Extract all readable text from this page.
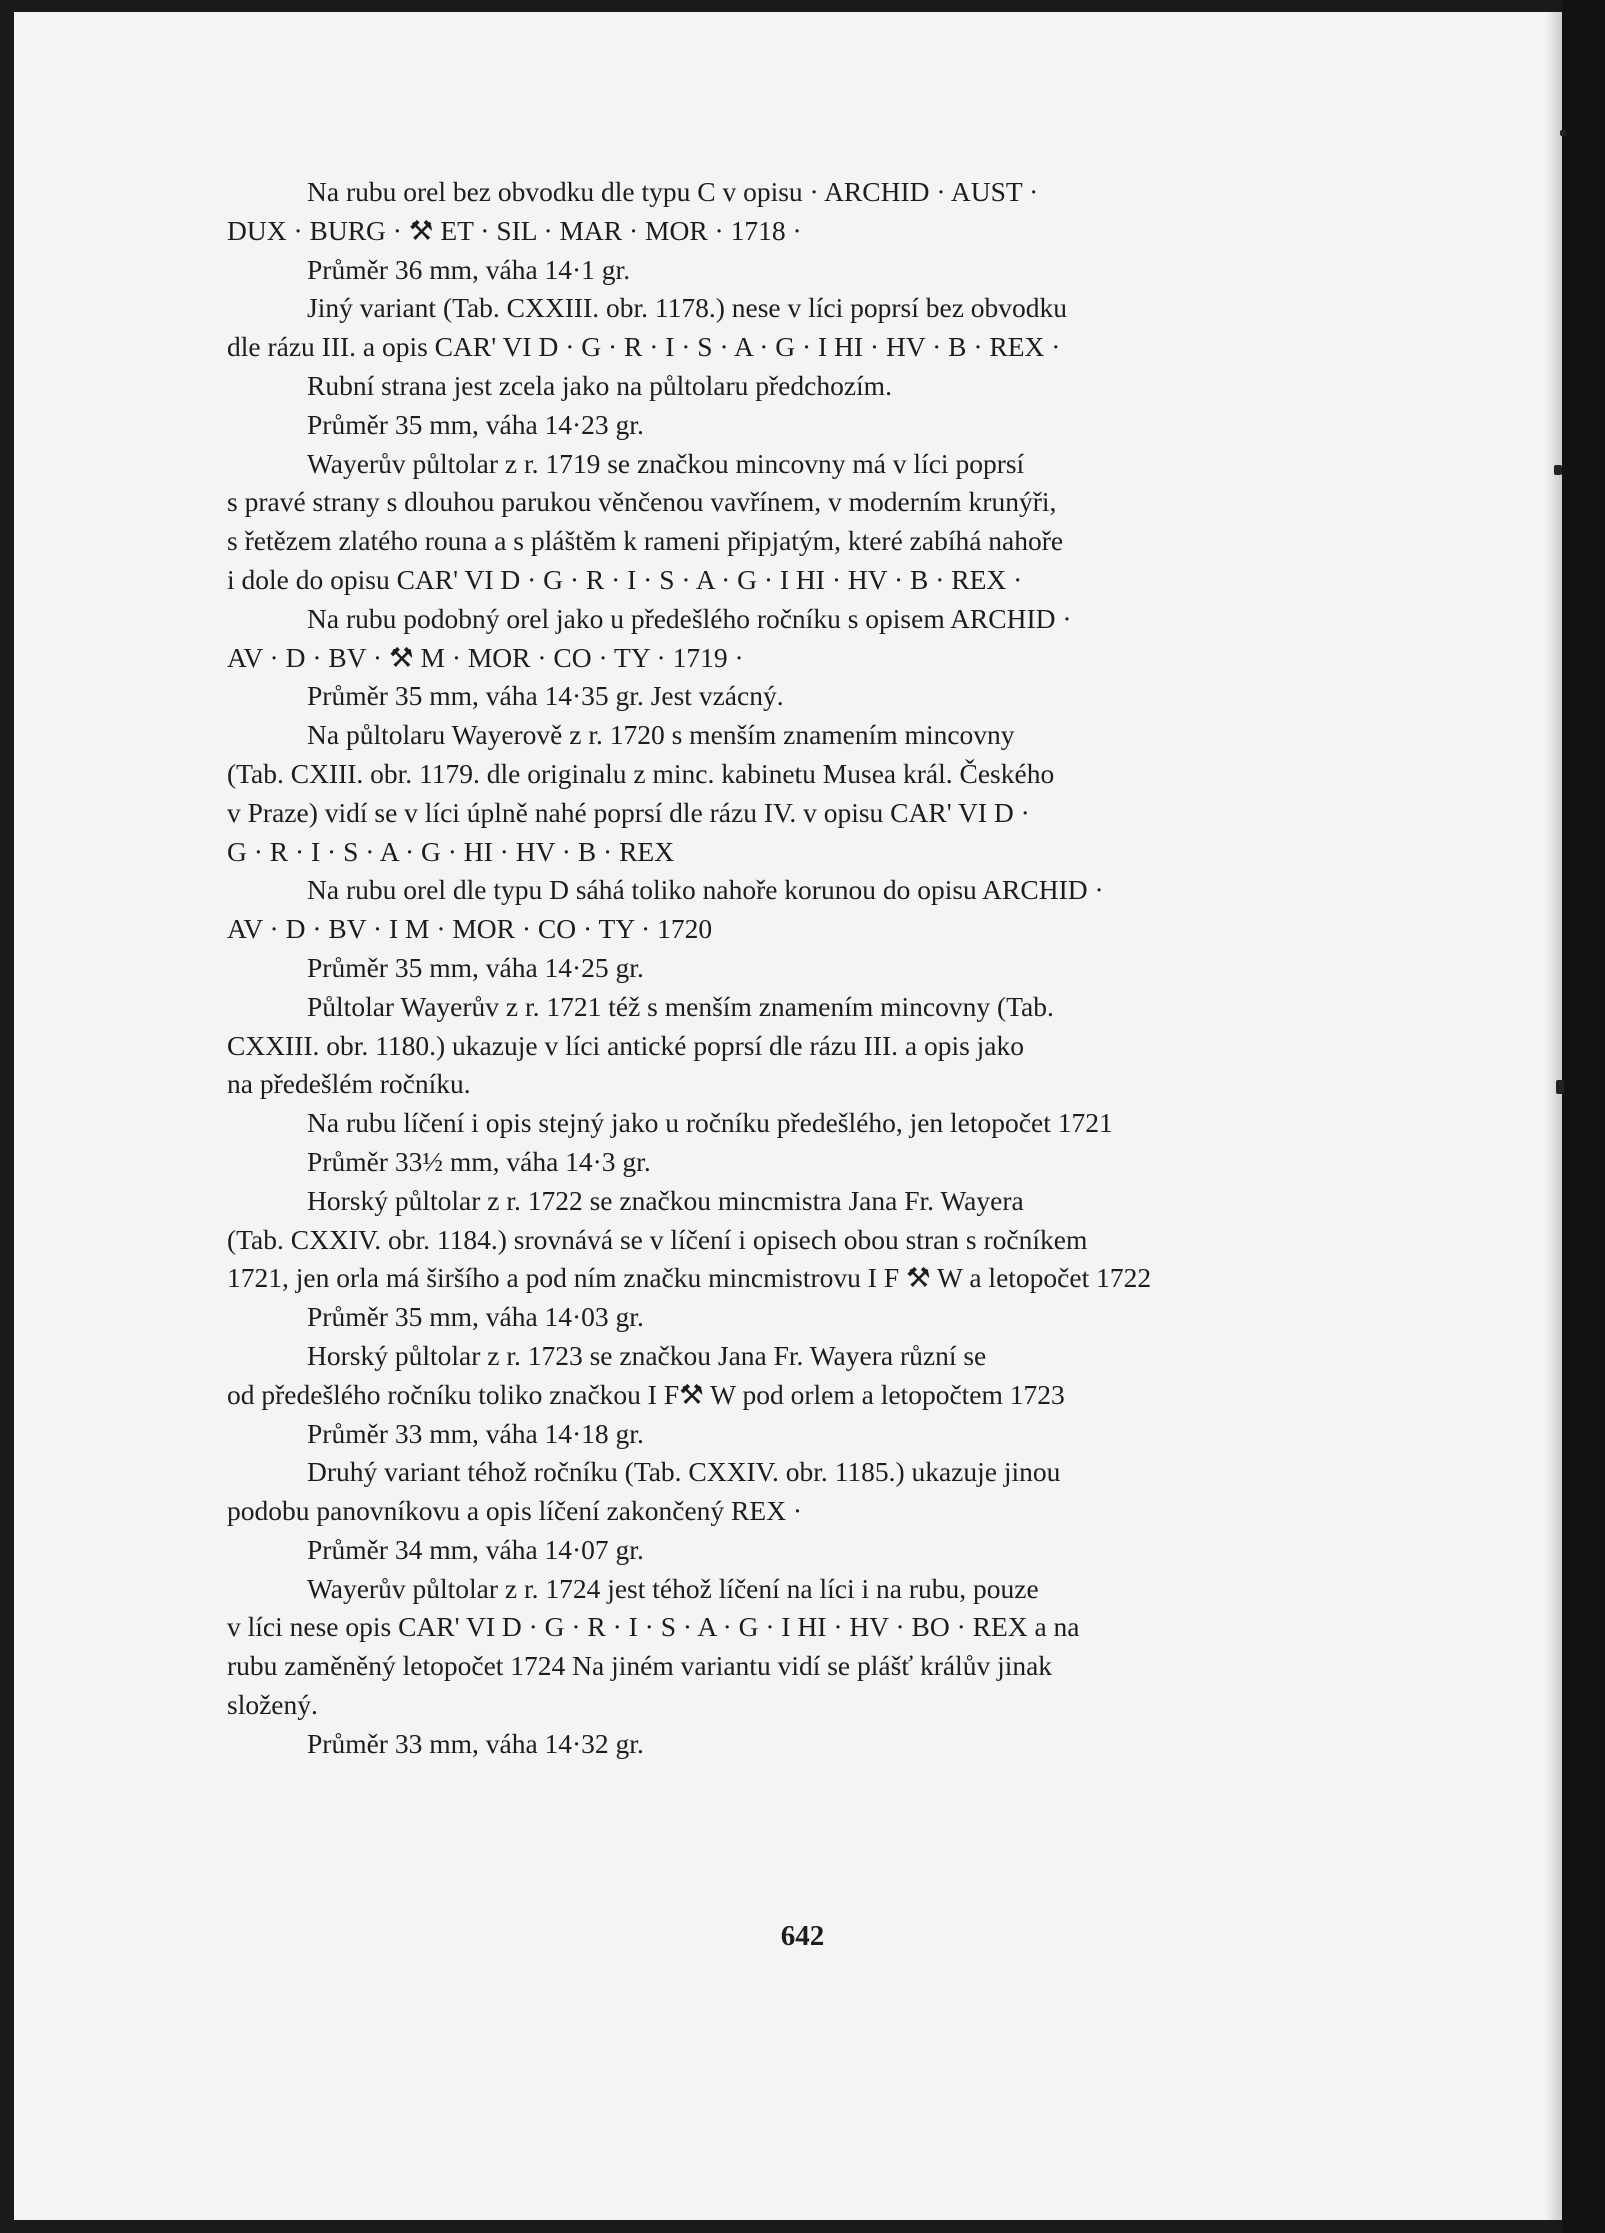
Na rubu orel bez obvodku dle typu C v opisu · ARCHID · AUST ·
DUX · BURG · ⚒ ET · SIL · MAR · MOR · 1718 ·
Průměr 36 mm, váha 14·1 gr.
Jiný variant (Tab. CXXIII. obr. 1178.) nese v líci poprsí bez obvodku
dle rázu III. a opis CAR' VI D · G · R · I · S · A · G · I HI · HV · B · REX ·
Rubní strana jest zcela jako na půltolaru předchozím.
Průměr 35 mm, váha 14·23 gr.
Wayerův půltolar z r. 1719 se značkou mincovny má v líci poprsí
s pravé strany s dlouhou parukou věnčenou vavřínem, v moderním krunýři,
s řetězem zlatého rouna a s pláštěm k rameni připjatým, které zabíhá nahoře
i dole do opisu CAR' VI D · G · R · I · S · A · G · I HI · HV · B · REX ·
Na rubu podobný orel jako u předešlého ročníku s opisem ARCHID ·
AV · D · BV · ⚒ M · MOR · CO · TY · 1719 ·
Průměr 35 mm, váha 14·35 gr. Jest vzácný.
Na půltolaru Wayerově z r. 1720 s menším znamením mincovny
(Tab. CXIII. obr. 1179. dle originalu z minc. kabinetu Musea král. Českého
v Praze) vidí se v líci úplně nahé poprsí dle rázu IV. v opisu CAR' VI D ·
G · R · I · S · A · G · HI · HV · B · REX
Na rubu orel dle typu D sáhá toliko nahoře korunou do opisu ARCHID ·
AV · D · BV · I M · MOR · CO · TY · 1720
Průměr 35 mm, váha 14·25 gr.
Půltolar Wayerův z r. 1721 též s menším znamením mincovny (Tab.
CXXIII. obr. 1180.) ukazuje v líci antické poprsí dle rázu III. a opis jako
na předešlém ročníku.
Na rubu líčení i opis stejný jako u ročníku předešlého, jen letopočet 1721
Průměr 33½ mm, váha 14·3 gr.
Horský půltolar z r. 1722 se značkou mincmistra Jana Fr. Wayera
(Tab. CXXIV. obr. 1184.) srovnává se v líčení i opisech obou stran s ročníkem
1721, jen orla má širšího a pod ním značku mincmistrovu I F ⚒ W a letopočet 1722
Průměr 35 mm, váha 14·03 gr.
Horský půltolar z r. 1723 se značkou Jana Fr. Wayera různí se
od předešlého ročníku toliko značkou I F⚒ W pod orlem a letopočtem 1723
Průměr 33 mm, váha 14·18 gr.
Druhý variant téhož ročníku (Tab. CXXIV. obr. 1185.) ukazuje jinou
podobu panovníkovu a opis líčení zakončený REX ·
Průměr 34 mm, váha 14·07 gr.
Wayerův půltolar z r. 1724 jest téhož líčení na líci i na rubu, pouze
v líci nese opis CAR' VI D · G · R · I · S · A · G · I HI · HV · BO · REX a na
rubu zaměněný letopočet 1724 Na jiném variantu vidí se plášť králův jinak
složený.
Průměr 33 mm, váha 14·32 gr.
642
